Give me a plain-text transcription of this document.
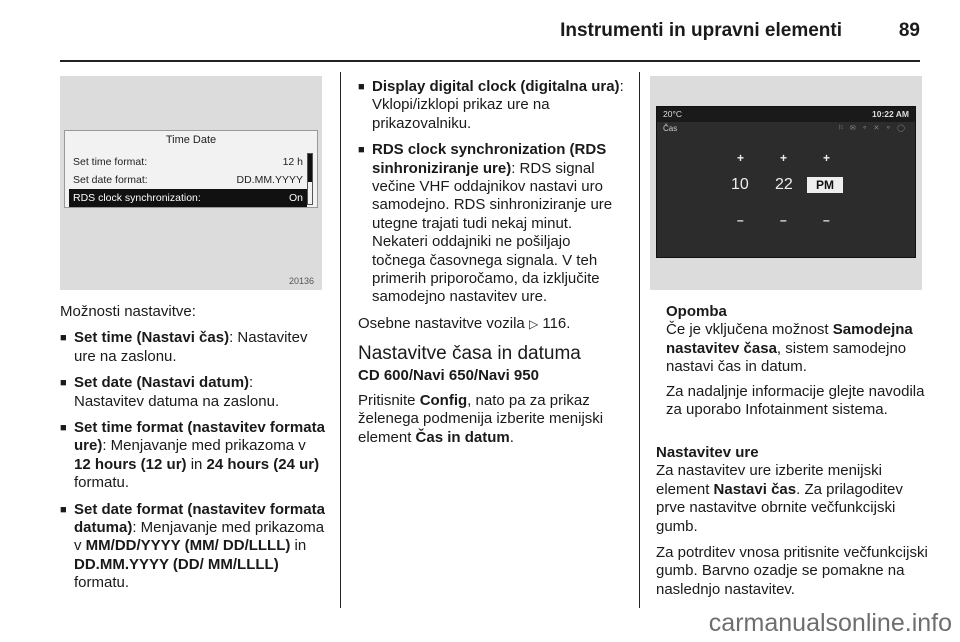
Instrumenti in upravni elementi	89
Time Date
Set time format:	12 h
Set date format:	DD.MM.YYYY
RDS clock synchronization:	On
20136

Možnosti nastavitve:

■ Set time (Nastavi čas): Nastavitev ure na zaslonu.
■ Set date (Nastavi datum): Nastavitev datuma na zaslonu.
■ Set time format (nastavitev formata ure): Menjavanje med prikazoma v 12 hours (12 ur) in 24 hours (24 ur) formatu.
■ Set date format (nastavitev formata datuma): Menjavanje med prikazoma v MM/DD/YYYY (MM/ DD/LLLL) in DD.MM.YYYY (DD/ MM/LLLL) formatu.
■ Display digital clock (digitalna ura): Vklopi/izklopi prikaz ure na prikazovalniku.
■ RDS clock synchronization (RDS sinhroniziranje ure): RDS signal večine VHF oddajnikov nastavi uro samodejno. RDS sinhroniziranje ure utegne trajati tudi nekaj minut. Nekateri oddajniki ne pošiljajo točnega časovnega signala. V teh primerih priporočamo, da izključite samodejno nastavitev ure.

Osebne nastavitve vozila ▷ 116.

Nastavitve časa in datuma
CD 600/Navi 650/Navi 950

Pritisnite Config, nato pa za prikaz želenega podmenija izberite menijski element Čas in datum.

20°C	10:22 AM
Čas	⚐ ✉ ⚬ ✕ ⚬ ◯
+	+	+
10 22	PM
–	–	–
Opomba

Če je vključena možnost Samodejna nastavitev časa, sistem samodejno nastavi čas in datum.

Za nadaljnje informacije glejte navodila za uporabo Infotainment sistema.

Nastavitev ure

Za nastavitev ure izberite menijski element Nastavi čas. Za prilagoditev prve nastavitve obrnite večfunkcijski gumb.

Za potrditev vnosa pritisnite večfunkcijski gumb. Barvno ozadje se pomakne na naslednjo nastavitev.

carmanualsonline.info
